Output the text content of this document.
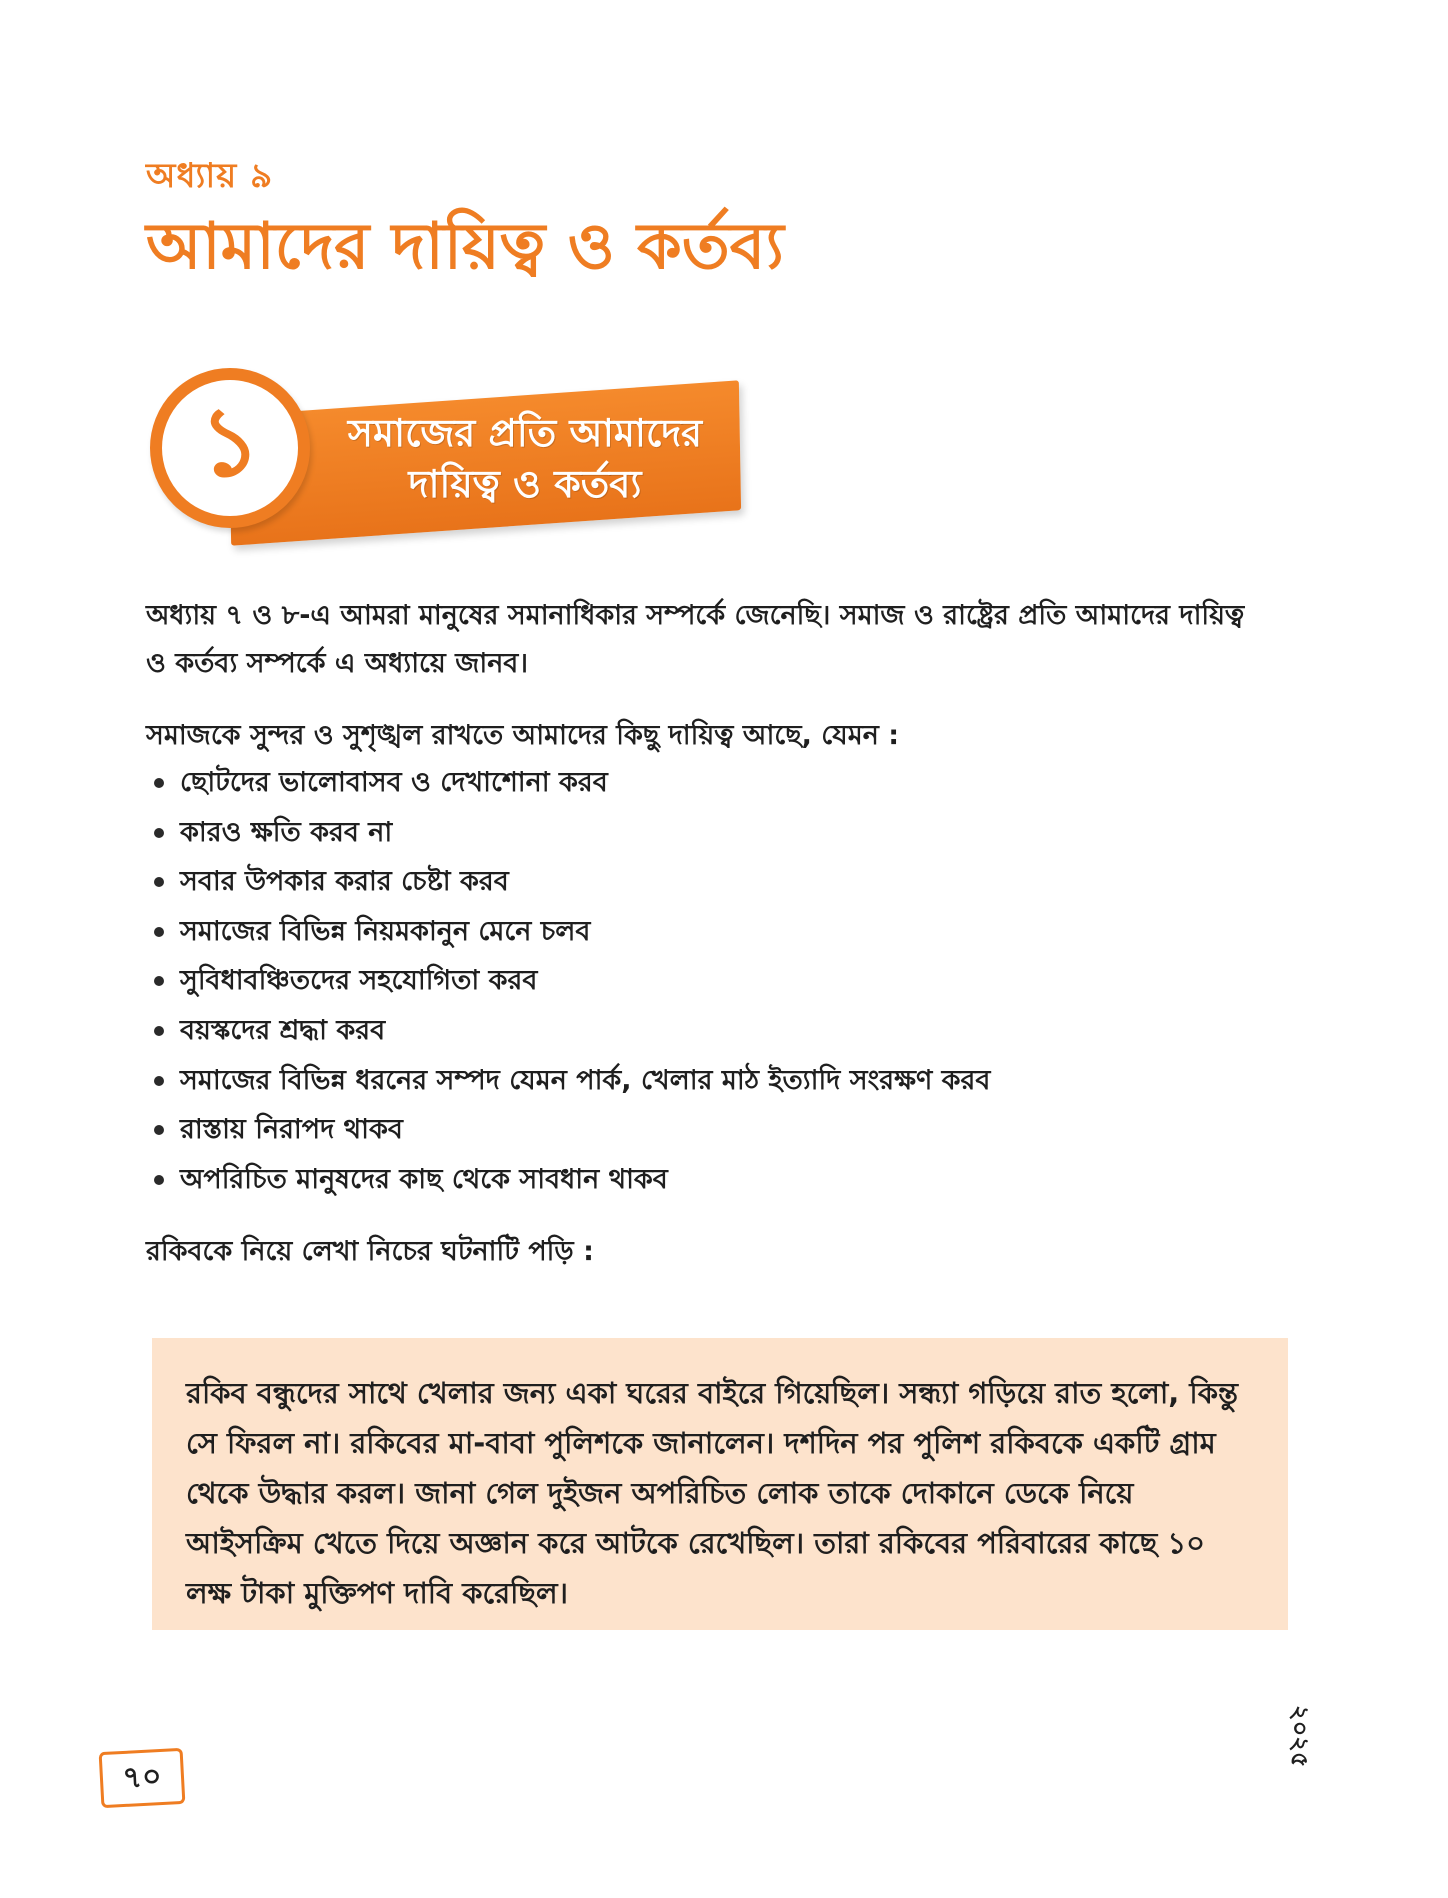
অধ্যায় ৯
আমাদের দায়িত্ব ও কর্তব্য
১	সমাজের প্রতি আমাদের
দায়িত্ব ও কর্তব্য
অধ্যায় ৭ ও ৮-এ আমরা মানুষের সমানাধিকার সম্পর্কে জেনেছি। সমাজ ও রাষ্ট্রের প্রতি আমাদের দায়িত্ব ও কর্তব্য সম্পর্কে এ অধ্যায়ে জানব।
সমাজকে সুন্দর ও সুশৃঙ্খল রাখতে আমাদের কিছু দায়িত্ব আছে, যেমন :
ছোটদের ভালোবাসব ও দেখাশোনা করব
কারও ক্ষতি করব না
সবার উপকার করার চেষ্টা করব
সমাজের বিভিন্ন নিয়মকানুন মেনে চলব
সুবিধাবঞ্চিতদের সহযোগিতা করব
বয়স্কদের শ্রদ্ধা করব
সমাজের বিভিন্ন ধরনের সম্পদ যেমন পার্ক, খেলার মাঠ ইত্যাদি সংরক্ষণ করব
রাস্তায় নিরাপদ থাকব
অপরিচিত মানুষদের কাছ থেকে সাবধান থাকব
রকিবকে নিয়ে লেখা নিচের ঘটনাটি পড়ি :
রকিব বন্ধুদের সাথে খেলার জন্য একা ঘরের বাইরে গিয়েছিল। সন্ধ্যা গড়িয়ে রাত হলো, কিন্তু সে ফিরল না। রকিবের মা-বাবা পুলিশকে জানালেন। দশদিন পর পুলিশ রকিবকে একটি গ্রাম থেকে উদ্ধার করল। জানা গেল দুইজন অপরিচিত লোক তাকে দোকানে ডেকে নিয়ে আইসক্রিম খেতে দিয়ে অজ্ঞান করে আটকে রেখেছিল। তারা রকিবের পরিবারের কাছে ১০ লক্ষ টাকা মুক্তিপণ দাবি করেছিল।
৭০
২০২৫
